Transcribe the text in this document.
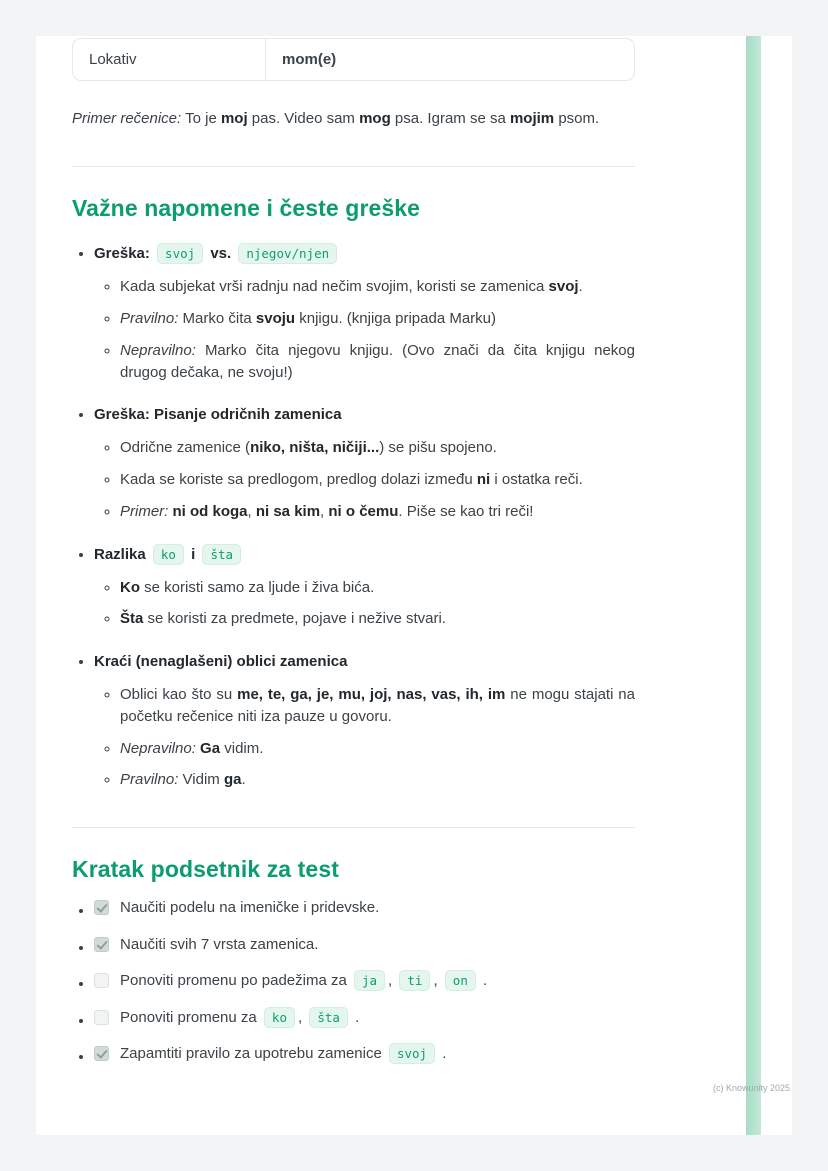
Lokativ	mom(e)

Primer rečenice: To je moj pas. Video sam mog psa. Igram se sa mojim psom.

Važne napomene i česte greške
• Greška: svoj vs. njegov/njen
◦ Kada subjekat vrši radnju nad nečim svojim, koristi se zamenica svoj.
◦ Pravilno: Marko čita svoju knjigu. (knjiga pripada Marku)
◦ Nepravilno: Marko čita njegovu knjigu. (Ovo znači da čita knjigu nekog drugog dečaka, ne svoju!)
• Greška: Pisanje odričnih zamenica
◦ Odrične zamenice (niko, ništa, ničiji...) se pišu spojeno.
◦ Kada se koriste sa predlogom, predlog dolazi između ni i ostatka reči.
◦ Primer: ni od koga, ni sa kim, ni o čemu. Piše se kao tri reči!
• Razlika ko i šta
◦ Ko se koristi samo za ljude i živa bića.
◦ Šta se koristi za predmete, pojave i nežive stvari.
• Kraći (nenaglašeni) oblici zamenica
◦ Oblici kao što su me, te, ga, je, mu, joj, nas, vas, ih, im ne mogu stajati na početku rečenice niti iza pauze u govoru.
◦ Nepravilno: Ga vidim.
◦ Pravilno: Vidim ga.
Kratak podsetnik za test
• Naučiti podelu na imeničke i pridevske.
• Naučiti svih 7 vrsta zamenica.
• Ponoviti promenu po padežima za ja , ti , on .
• Ponoviti promenu za ko , šta .
• Zapamtiti pravilo za upotrebu zamenice svoj .
(c) Knowunity 2025
